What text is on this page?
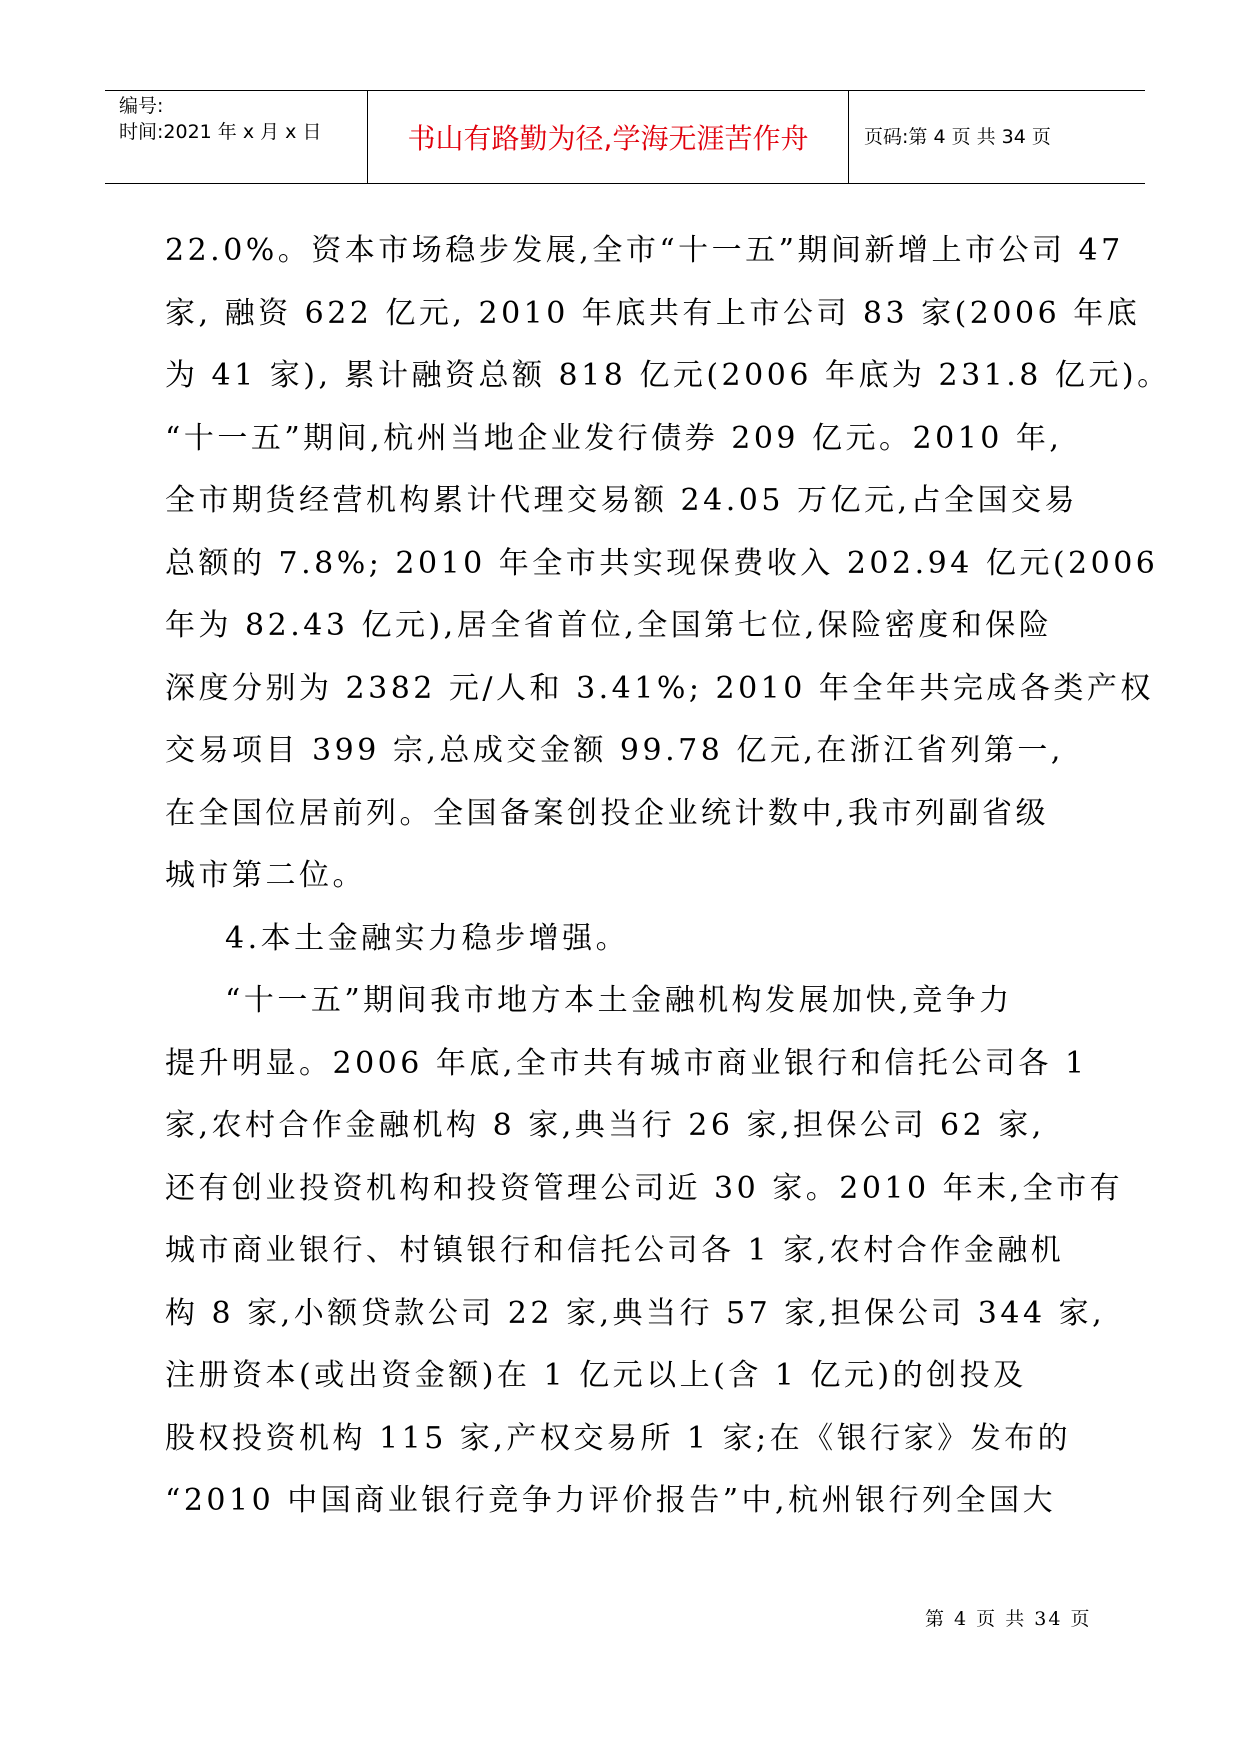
编号:
时间:2021 年 x 月 x 日	书山有路勤为径,学海无涯苦作舟	页码:第 4 页 共 34 页
22.0%。资本市场稳步发展,全市“十一五”期间新增上市公司 47
家, 融资 622 亿元, 2010 年底共有上市公司 83 家(2006 年底
为 41 家), 累计融资总额 818 亿元(2006 年底为 231.8 亿元)。
“十一五”期间,杭州当地企业发行债券 209 亿元。2010 年,
全市期货经营机构累计代理交易额 24.05 万亿元,占全国交易
总额的 7.8%; 2010 年全市共实现保费收入 202.94 亿元(2006
年为 82.43 亿元),居全省首位,全国第七位,保险密度和保险
深度分别为 2382 元/人和 3.41%; 2010 年全年共完成各类产权
交易项目 399 宗,总成交金额 99.78 亿元,在浙江省列第一,
在全国位居前列。全国备案创投企业统计数中,我市列副省级
城市第二位。
4.本土金融实力稳步增强。
“十一五”期间我市地方本土金融机构发展加快,竞争力
提升明显。2006 年底,全市共有城市商业银行和信托公司各 1
家,农村合作金融机构 8 家,典当行 26 家,担保公司 62 家,
还有创业投资机构和投资管理公司近 30 家。2010 年末,全市有
城市商业银行、村镇银行和信托公司各 1 家,农村合作金融机
构 8 家,小额贷款公司 22 家,典当行 57 家,担保公司 344 家,
注册资本(或出资金额)在 1 亿元以上(含 1 亿元)的创投及
股权投资机构 115 家,产权交易所 1 家;在《银行家》发布的
“2010 中国商业银行竞争力评价报告”中,杭州银行列全国大
第 4 页 共 34 页
